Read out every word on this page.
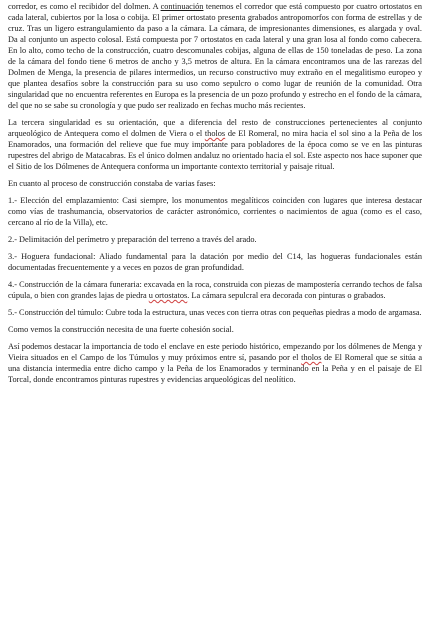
corredor, es como el recibidor del dolmen. A continuación tenemos el corredor que está compuesto por cuatro ortostatos en cada lateral, cubiertos por la losa o cobija. El primer ortostato presenta grabados antropomorfos con forma de estrellas y de cruz. Tras un ligero estrangulamiento da paso a la cámara. La cámara, de impresionantes dimensiones, es alargada y oval. Da al conjunto un aspecto colosal. Está compuesta por 7 ortostatos en cada lateral y una gran losa al fondo como cabecera. En lo alto, como techo de la construcción, cuatro descomunales cobijas, alguna de ellas de 150 toneladas de peso. La zona de la cámara del fondo tiene 6 metros de ancho y 3,5 metros de altura. En la cámara encontramos una de las rarezas del Dolmen de Menga, la presencia de pilares intermedios, un recurso constructivo muy extraño en el megalitismo europeo y que plantea desafíos sobre la construcción para su uso como sepulcro o como lugar de reunión de la comunidad. Otra singularidad que no encuentra referentes en Europa es la presencia de un pozo profundo y estrecho en el fondo de la cámara, del que no se sabe su cronología y que pudo ser realizado en fechas mucho más recientes.

La tercera singularidad es su orientación, que a diferencia del resto de construcciones pertenecientes al conjunto arqueológico de Antequera como el dolmen de Viera o el tholos de El Romeral, no mira hacia el sol sino a la Peña de los Enamorados, una formación del relieve que fue muy importante para pobladores de la época como se ve en las pinturas rupestres del abrigo de Matacabras. Es el único dolmen andaluz no orientado hacia el sol. Este aspecto nos hace suponer que el Sitio de los Dólmenes de Antequera conforma un importante contexto territorial y paisaje ritual.

En cuanto al proceso de construcción constaba de varias fases:

1.- Elección del emplazamiento: Casi siempre, los monumentos megalíticos coinciden con lugares que interesa destacar como vías de trashumancia, observatorios de carácter astronómico, corrientes o nacimientos de agua (como es el caso, cercano al río de la Villa), etc.

2.- Delimitación del perímetro y preparación del terreno a través del arado.

3.- Hoguera fundacional: Aliado fundamental para la datación por medio del C14, las hogueras fundacionales están documentadas frecuentemente y a veces en pozos de gran profundidad.

4.- Construcción de la cámara funeraria: excavada en la roca, construida con piezas de mampostería cerrando techos de falsa cúpula, o bien con grandes lajas de piedra u ortostatos. La cámara sepulcral era decorada con pinturas o grabados.

5.- Construcción del túmulo: Cubre toda la estructura, unas veces con tierra otras con pequeñas piedras a modo de argamasa.

Como vemos la construcción necesita de una fuerte cohesión social.

Así podemos destacar la importancia de todo el enclave en este periodo histórico, empezando por los dólmenes de Menga y Vieira situados en el Campo de los Túmulos y muy próximos entre sí, pasando por el tholos de El Romeral que se sitúa a una distancia intermedia entre dicho campo y la Peña de los Enamorados y terminando en la Peña y en el paisaje de El Torcal, donde encontramos pinturas rupestres y evidencias arqueológicas del neolítico.
